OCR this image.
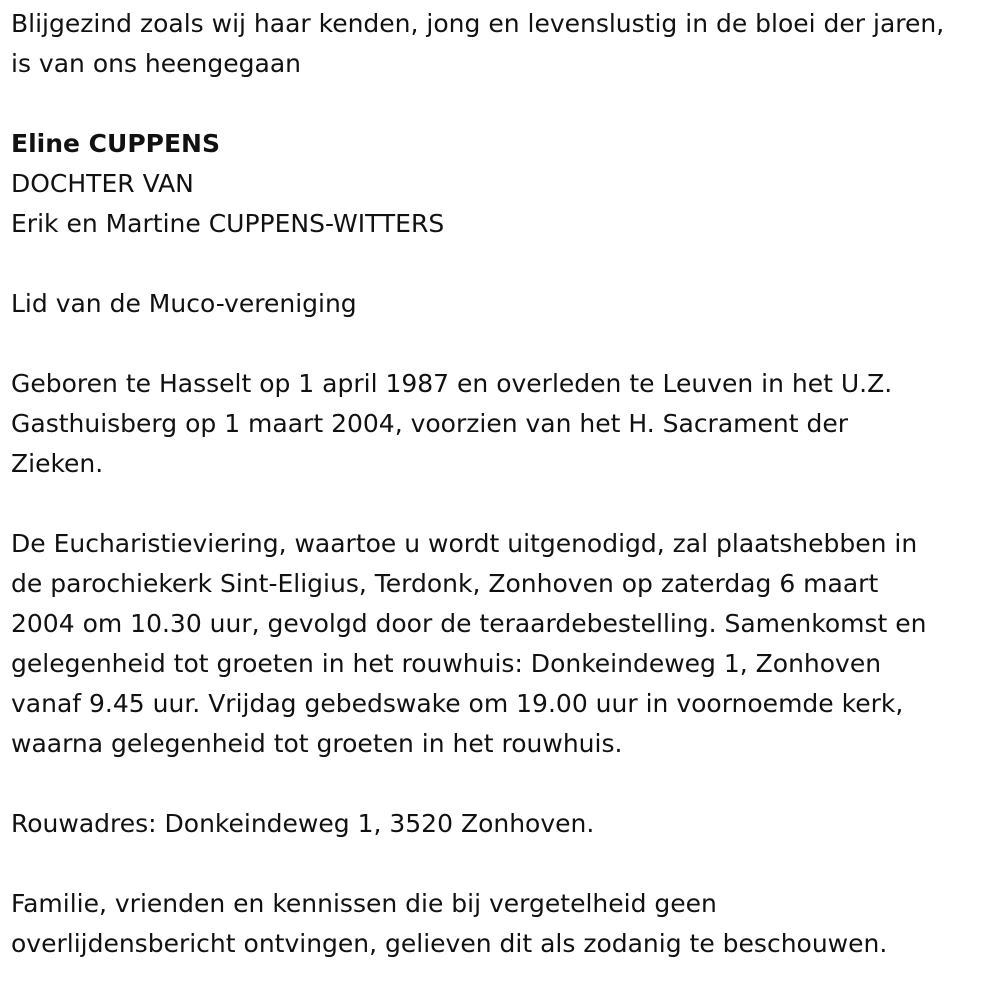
Blijgezind zoals wij haar kenden, jong en levenslustig in de bloei der jaren,
is van ons heengegaan
Eline CUPPENS
DOCHTER VAN
Erik en Martine CUPPENS-WITTERS
Lid van de Muco-vereniging
Geboren te Hasselt op 1 april 1987 en overleden te Leuven in het U.Z.
Gasthuisberg op 1 maart 2004, voorzien van het H. Sacrament der
Zieken.
De Eucharistieviering, waartoe u wordt uitgenodigd, zal plaatshebben in
de parochiekerk Sint-Eligius, Terdonk, Zonhoven op zaterdag 6 maart
2004 om 10.30 uur, gevolgd door de teraardebestelling. Samenkomst en
gelegenheid tot groeten in het rouwhuis: Donkeindeweg 1, Zonhoven
vanaf 9.45 uur. Vrijdag gebedswake om 19.00 uur in voornoemde kerk,
waarna gelegenheid tot groeten in het rouwhuis.
Rouwadres: Donkeindeweg 1, 3520 Zonhoven.
Familie, vrienden en kennissen die bij vergetelheid geen
overlijdensbericht ontvingen, gelieven dit als zodanig te beschouwen.
